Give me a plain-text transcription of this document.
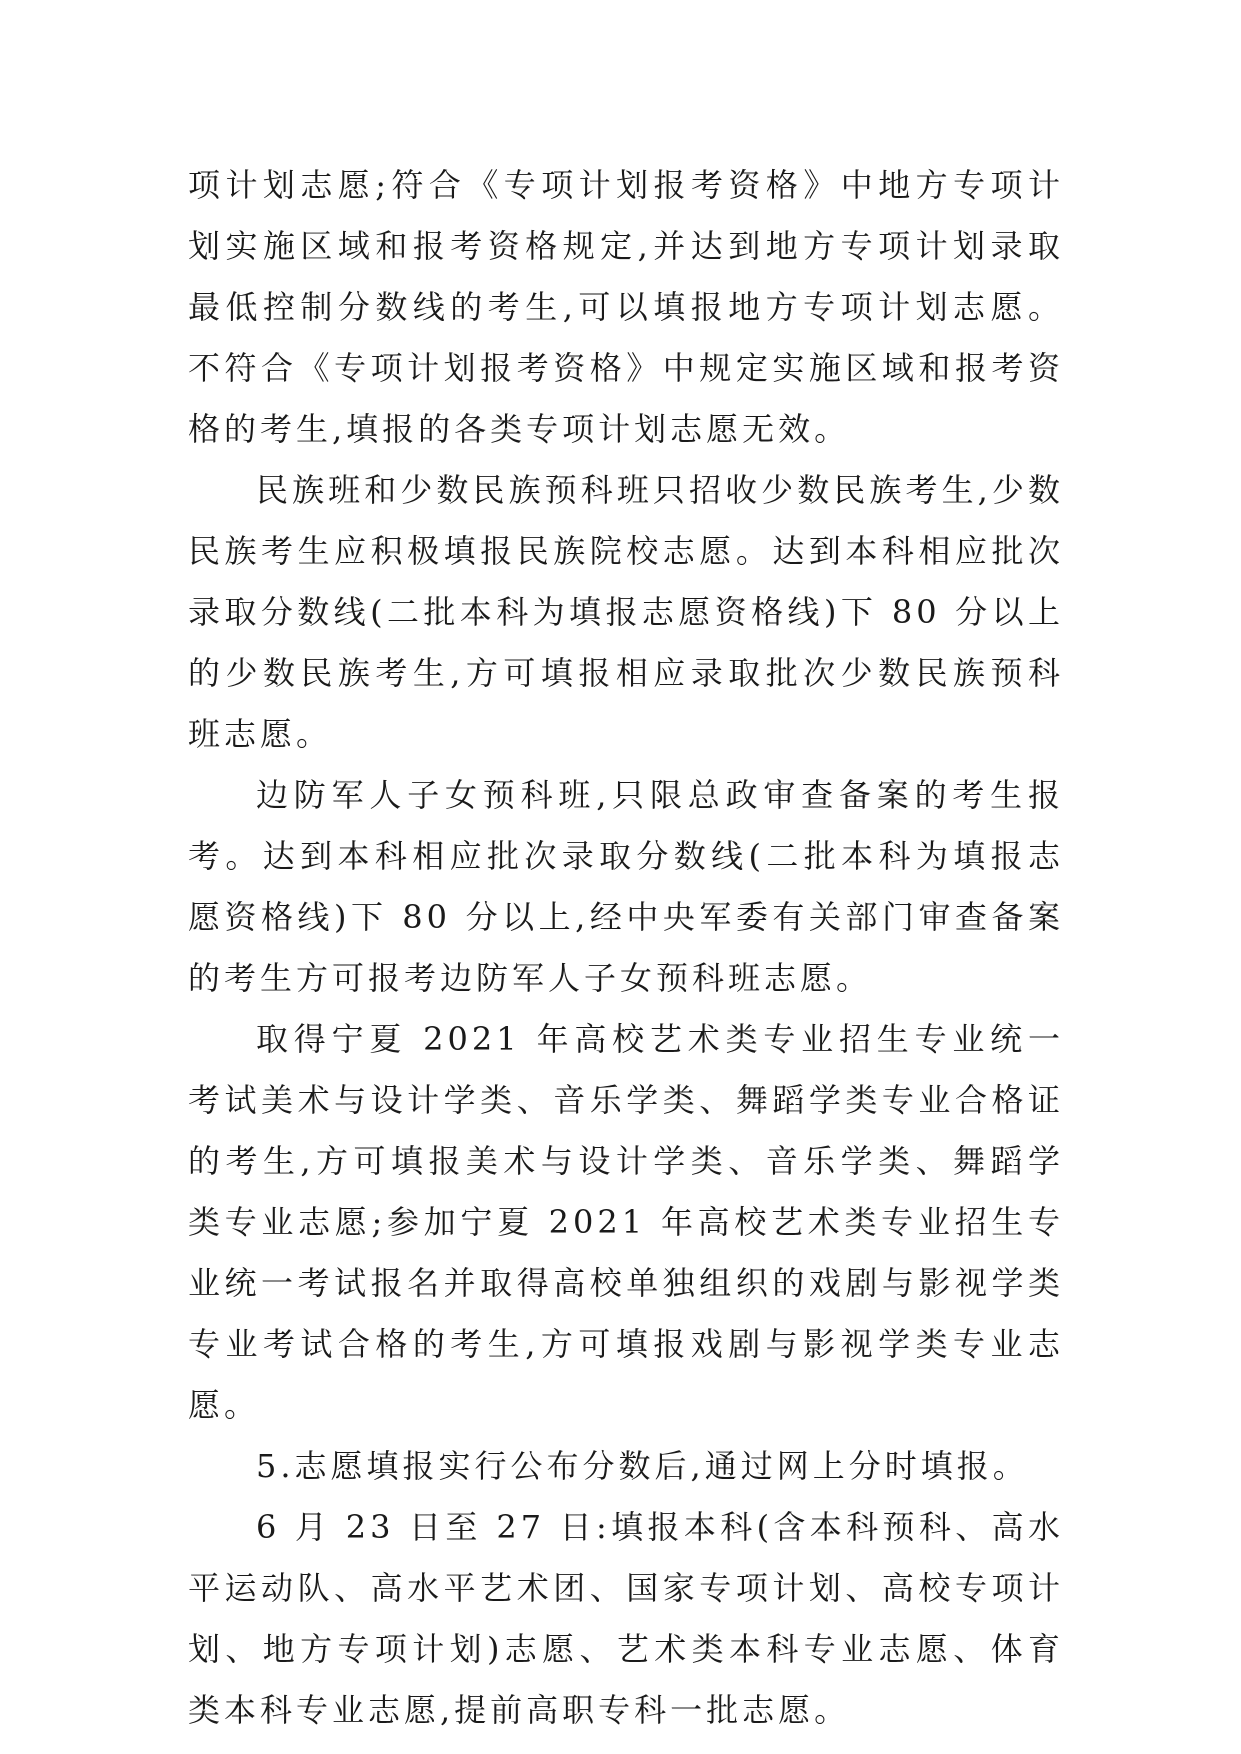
项计划志愿;符合《专项计划报考资格》中地方专项计划实施区域和报考资格规定,并达到地方专项计划录取最低控制分数线的考生,可以填报地方专项计划志愿。不符合《专项计划报考资格》中规定实施区域和报考资格的考生,填报的各类专项计划志愿无效。

民族班和少数民族预科班只招收少数民族考生,少数民族考生应积极填报民族院校志愿。达到本科相应批次录取分数线(二批本科为填报志愿资格线)下 80 分以上的少数民族考生,方可填报相应录取批次少数民族预科班志愿。

边防军人子女预科班,只限总政审查备案的考生报考。达到本科相应批次录取分数线(二批本科为填报志愿资格线)下 80 分以上,经中央军委有关部门审查备案的考生方可报考边防军人子女预科班志愿。

取得宁夏 2021 年高校艺术类专业招生专业统一考试美术与设计学类、音乐学类、舞蹈学类专业合格证的考生,方可填报美术与设计学类、音乐学类、舞蹈学类专业志愿;参加宁夏 2021 年高校艺术类专业招生专业统一考试报名并取得高校单独组织的戏剧与影视学类专业考试合格的考生,方可填报戏剧与影视学类专业志愿。

5.志愿填报实行公布分数后,通过网上分时填报。

6 月 23 日至 27 日:填报本科(含本科预科、高水平运动队、高水平艺术团、国家专项计划、高校专项计划、地方专项计划)志愿、艺术类本科专业志愿、体育类本科专业志愿,提前高职专科一批志愿。
